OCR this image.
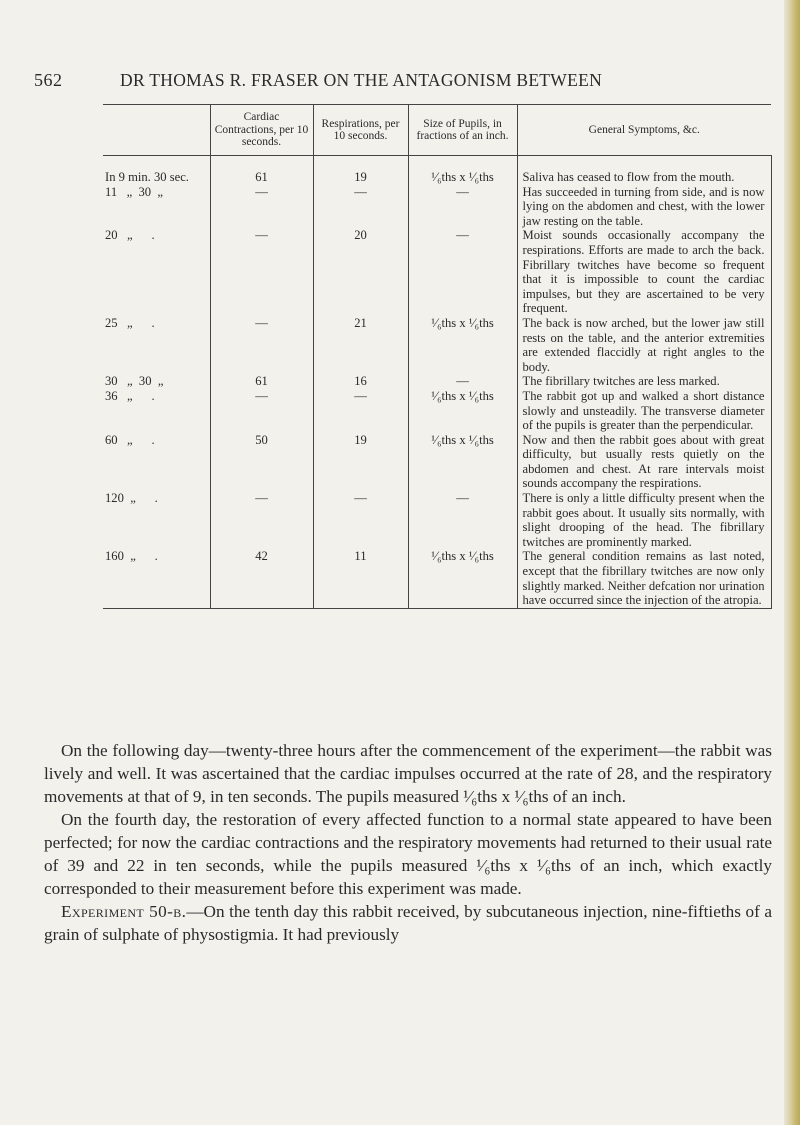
562	DR THOMAS R. FRASER ON THE ANTAGONISM BETWEEN
	Cardiac Contractions, per 10 seconds.	Respirations, per 10 seconds.	Size of Pupils, in fractions of an inch.	General Symptoms, &c.
In 9 min. 30 sec.	61	19	¹⁄₆ths x ¹⁄₆ths	Saliva has ceased to flow from the mouth.
11   „  30  „	—	—	—	Has succeeded in turning from side, and is now lying on the abdomen and chest, with the lower jaw resting on the table.
20   „      .	—	20	—	Moist sounds occasionally accompany the respirations. Efforts are made to arch the back. Fibrillary twitches have become so frequent that it is impossible to count the cardiac impulses, but they are ascertained to be very frequent.
25   „      .	—	21	¹⁄₆ths x ¹⁄₆ths	The back is now arched, but the lower jaw still rests on the table, and the anterior extremities are extended flaccidly at right angles to the body.
30   „  30  „	61	16	—	The fibrillary twitches are less marked.
36   „      .	—	—	¹⁄₆ths x ¹⁄₆ths	The rabbit got up and walked a short distance slowly and unsteadily. The transverse diameter of the pupils is greater than the perpendicular.
60   „      .	50	19	¹⁄₆ths x ¹⁄₆ths	Now and then the rabbit goes about with great difficulty, but usually rests quietly on the abdomen and chest. At rare intervals moist sounds accompany the respirations.
120  „      .	—	—	—	There is only a little difficulty present when the rabbit goes about. It usually sits normally, with slight drooping of the head. The fibrillary twitches are prominently marked.
160  „      .	42	11	¹⁄₆ths x ¹⁄₆ths	The general condition remains as last noted, except that the fibrillary twitches are now only slightly marked. Neither defcation nor urination have occurred since the injection of the atropia.

On the following day—twenty-three hours after the commencement of the experiment—the rabbit was lively and well. It was ascertained that the cardiac impulses occurred at the rate of 28, and the respiratory movements at that of 9, in ten seconds. The pupils measured ¹⁄₆ths x ¹⁄₆ths of an inch.

On the fourth day, the restoration of every affected function to a normal state appeared to have been perfected; for now the cardiac contractions and the respiratory movements had returned to their usual rate of 39 and 22 in ten seconds, while the pupils measured ¹⁄₆ths x ¹⁄₆ths of an inch, which exactly corresponded to their measurement before this experiment was made.

Experiment 50-b.—On the tenth day this rabbit received, by subcutaneous injection, nine-fiftieths of a grain of sulphate of physostigmia. It had previously
